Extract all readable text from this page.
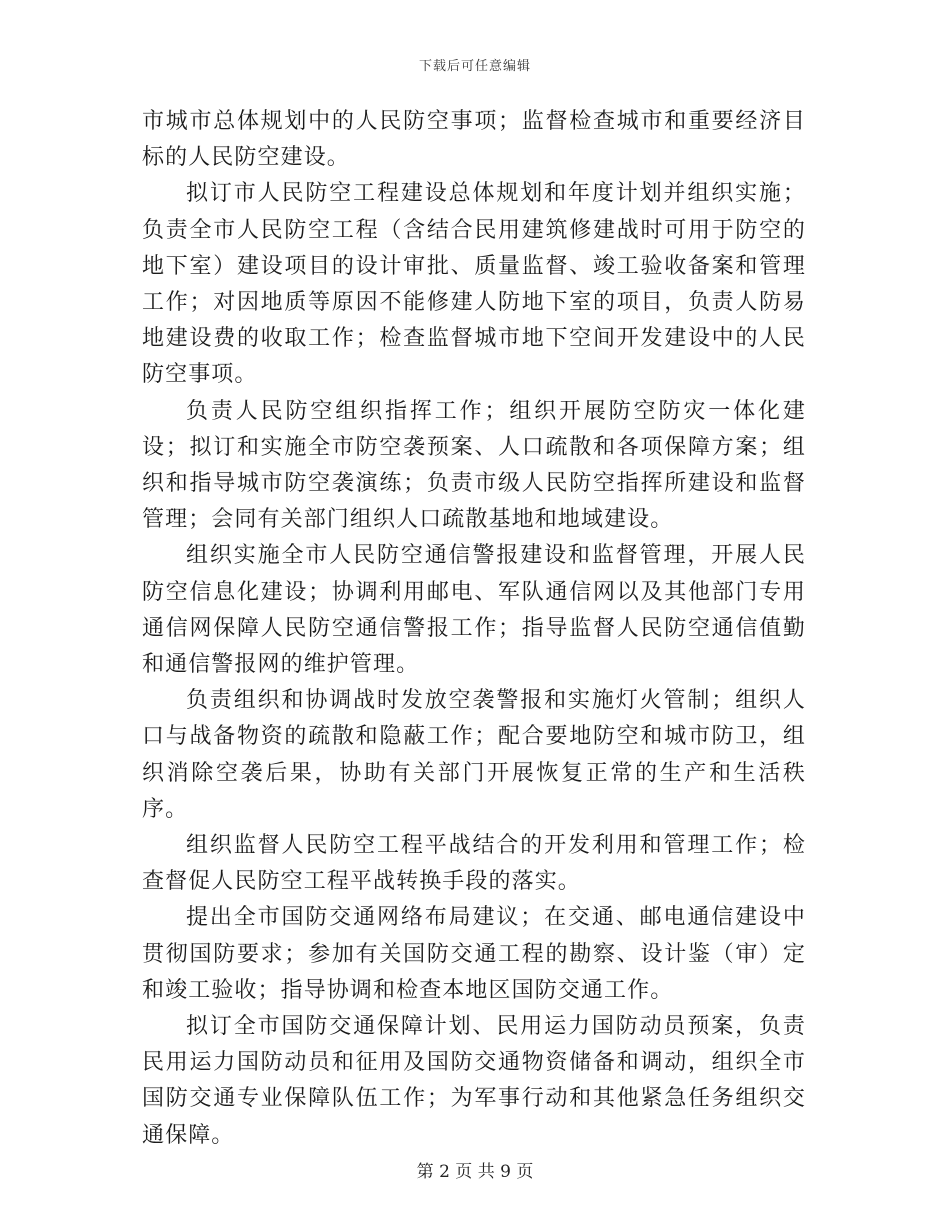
下载后可任意编辑

市城市总体规划中的人民防空事项；监督检查城市和重要经济目标的人民防空建设。

拟订市人民防空工程建设总体规划和年度计划并组织实施；负责全市人民防空工程（含结合民用建筑修建战时可用于防空的地下室）建设项目的设计审批、质量监督、竣工验收备案和管理工作；对因地质等原因不能修建人防地下室的项目，负责人防易地建设费的收取工作；检查监督城市地下空间开发建设中的人民防空事项。

负责人民防空组织指挥工作；组织开展防空防灾一体化建设；拟订和实施全市防空袭预案、人口疏散和各项保障方案；组织和指导城市防空袭演练；负责市级人民防空指挥所建设和监督管理；会同有关部门组织人口疏散基地和地域建设。

组织实施全市人民防空通信警报建设和监督管理，开展人民防空信息化建设；协调利用邮电、军队通信网以及其他部门专用通信网保障人民防空通信警报工作；指导监督人民防空通信值勤和通信警报网的维护管理。

负责组织和协调战时发放空袭警报和实施灯火管制；组织人口与战备物资的疏散和隐蔽工作；配合要地防空和城市防卫，组织消除空袭后果，协助有关部门开展恢复正常的生产和生活秩序。

组织监督人民防空工程平战结合的开发利用和管理工作；检查督促人民防空工程平战转换手段的落实。

提出全市国防交通网络布局建议；在交通、邮电通信建设中贯彻国防要求；参加有关国防交通工程的勘察、设计鉴（审）定和竣工验收；指导协调和检查本地区国防交通工作。

拟订全市国防交通保障计划、民用运力国防动员预案，负责民用运力国防动员和征用及国防交通物资储备和调动，组织全市国防交通专业保障队伍工作；为军事行动和其他紧急任务组织交通保障。

第 2 页 共 9 页
